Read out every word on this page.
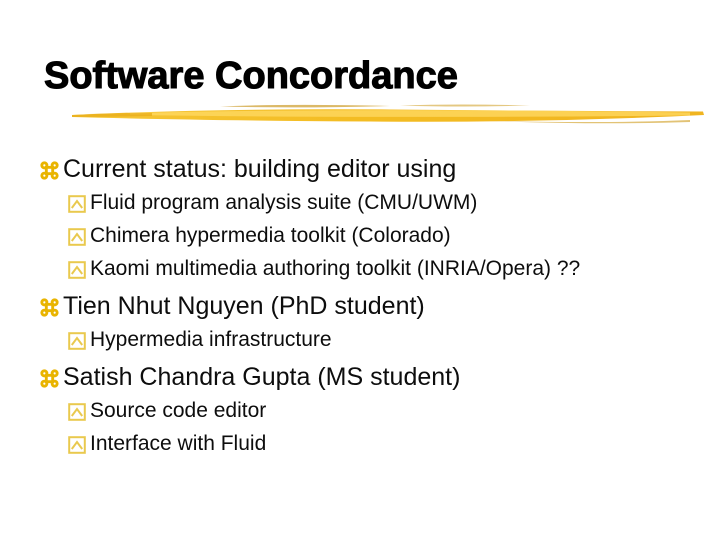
Software Concordance
Current status: building editor using
Fluid program analysis suite (CMU/UWM)
Chimera hypermedia toolkit (Colorado)
Kaomi multimedia authoring toolkit (INRIA/Opera) ??
Tien Nhut Nguyen (PhD student)
Hypermedia infrastructure
Satish Chandra Gupta (MS student)
Source code editor
Interface with Fluid
